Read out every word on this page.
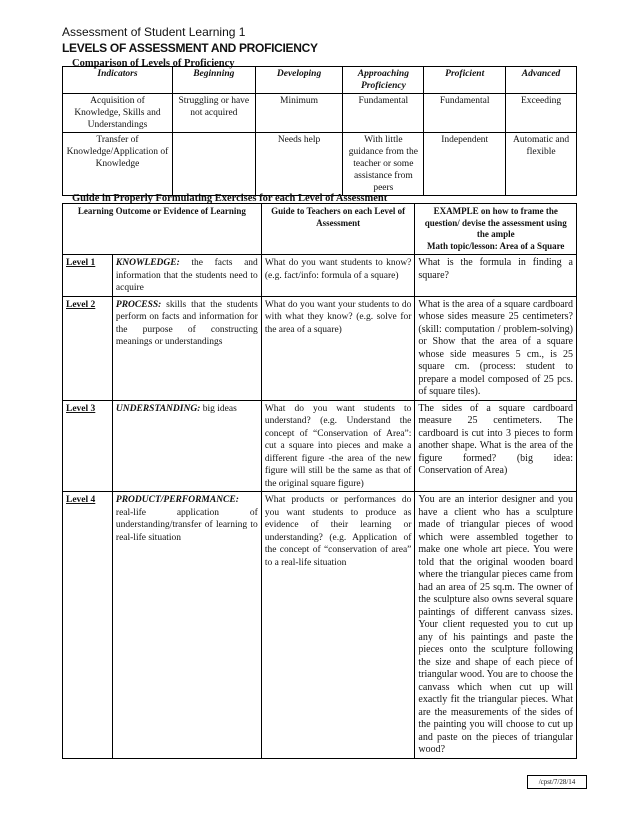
Assessment of Student Learning 1
LEVELS OF ASSESSMENT AND PROFICIENCY
Comparison of Levels of Proficiency
Indicators	Beginning	Developing	Approaching Proficiency	Proficient	Advanced
Acquisition of Knowledge, Skills and Understandings	Struggling or have not acquired	Minimum	Fundamental	Fundamental	Exceeding
Transfer of Knowledge/Application of Knowledge		Needs help	With little guidance from the teacher or some assistance from peers	Independent	Automatic and flexible
Guide in Properly Formulating Exercises for each Level of Assessment
Learning Outcome or Evidence of Learning		Guide to Teachers on each Level of Assessment	EXAMPLE on how to frame the question/ devise the assessment using the ample
Math topic/lesson: Area of a Square

Level 1	KNOWLEDGE: the facts and information that the students need to acquire	What do you want students to know? (e.g. fact/info: formula of a square)	What is the formula in finding a square?
Level 2	PROCESS: skills that the students perform on facts and information for the purpose of constructing meanings or understandings	What do you want your students to do with what they know? (e.g. solve for the area of a square)	What is the area of a square cardboard whose sides measure 25 centimeters? (skill: computation / problem-solving) or Show that the area of a square whose side measures 5 cm., is 25 square cm. (process: student to prepare a model composed of 25 pcs. of square tiles).
Level 3	UNDERSTANDING: big ideas	What do you want students to understand? (e.g. Understand the concept of “Conservation of Area”: cut a square into pieces and make a different figure -the area of the new figure will still be the same as that of the original square figure)	The sides of a square cardboard measure 25 centimeters. The cardboard is cut into 3 pieces to form another shape. What is the area of the figure formed? (big idea: Conservation of Area)
Level 4	PRODUCT/PERFORMANCE: real-life application of understanding/transfer of learning to real-life situation	What products or performances do you want students to produce as evidence of their learning or understanding? (e.g. Application of the concept of “conservation of area” to a real-life situation	You are an interior designer and you have a client who has a sculpture made of triangular pieces of wood which were assembled together to make one whole art piece. You were told that the original wooden board where the triangular pieces came from had an area of 25 sq.m. The owner of the sculpture also owns several square paintings of different canvass sizes. Your client requested you to cut up any of his paintings and paste the pieces onto the sculpture following the size and shape of each piece of triangular wood. You are to choose the canvass which when cut up will exactly fit the triangular pieces. What are the measurements of the sides of the painting you will choose to cut up and paste on the pieces of triangular wood?
/cpst/7/28/14
